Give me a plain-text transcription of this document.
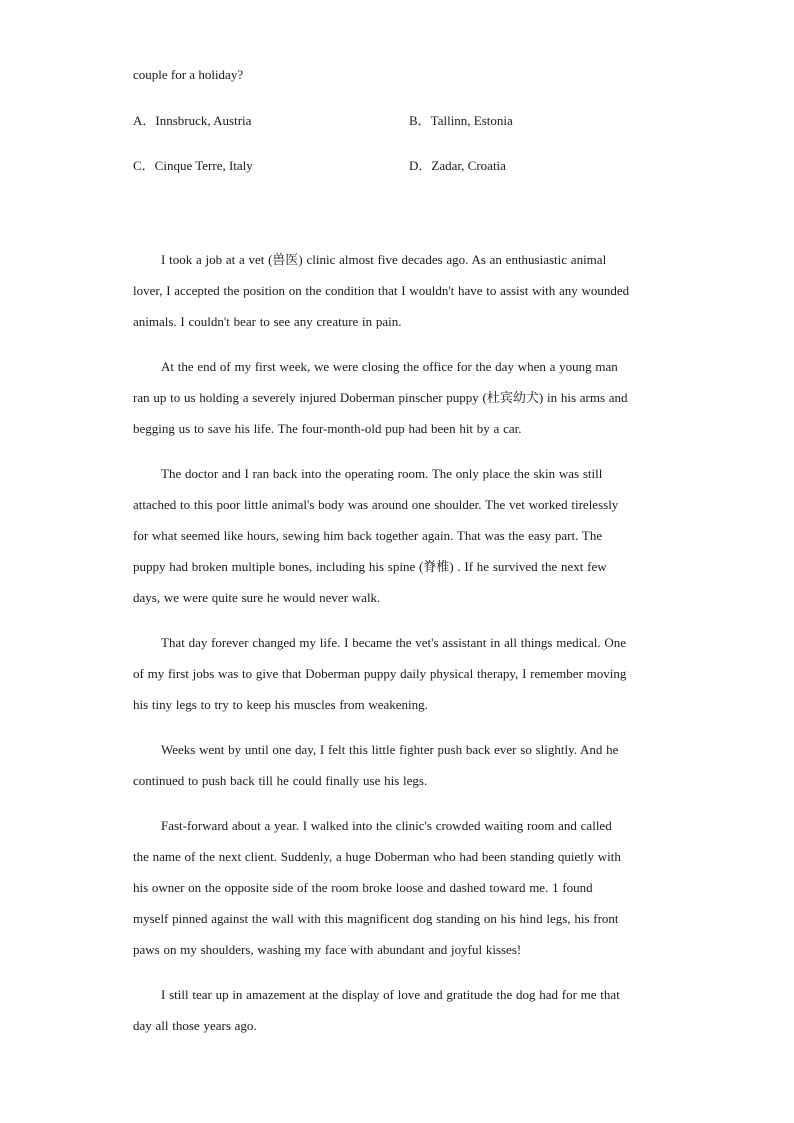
couple for a holiday?
A．Innsbruck, Austria	B．Tallinn, Estonia
C．Cinque Terre, Italy	D．Zadar, Croatia

I took a job at a vet (兽医) clinic almost five decades ago. As an enthusiastic animal
lover, I accepted the position on the condition that I wouldn't have to assist with any wounded
animals. I couldn't bear to see any creature in pain.

At the end of my first week, we were closing the office for the day when a young man
ran up to us holding a severely injured Doberman pinscher puppy (杜宾幼犬) in his arms and
begging us to save his life. The four-month-old pup had been hit by a car.

The doctor and I ran back into the operating room. The only place the skin was still
attached to this poor little animal's body was around one shoulder. The vet worked tirelessly
for what seemed like hours, sewing him back together again. That was the easy part. The
puppy had broken multiple bones, including his spine (脊椎) . If he survived the next few
days, we were quite sure he would never walk.

That day forever changed my life. I became the vet's assistant in all things medical. One
of my first jobs was to give that Doberman puppy daily physical therapy, I remember moving
his tiny legs to try to keep his muscles from weakening.

Weeks went by until one day, I felt this little fighter push back ever so slightly. And he
continued to push back till he could finally use his legs.

Fast-forward about a year. I walked into the clinic's crowded waiting room and called
the name of the next client. Suddenly, a huge Doberman who had been standing quietly with
his owner on the opposite side of the room broke loose and dashed toward me. 1 found
myself pinned against the wall with this magnificent dog standing on his hind legs, his front
paws on my shoulders, washing my face with abundant and joyful kisses!

I still tear up in amazement at the display of love and gratitude the dog had for me that
day all those years ago.
